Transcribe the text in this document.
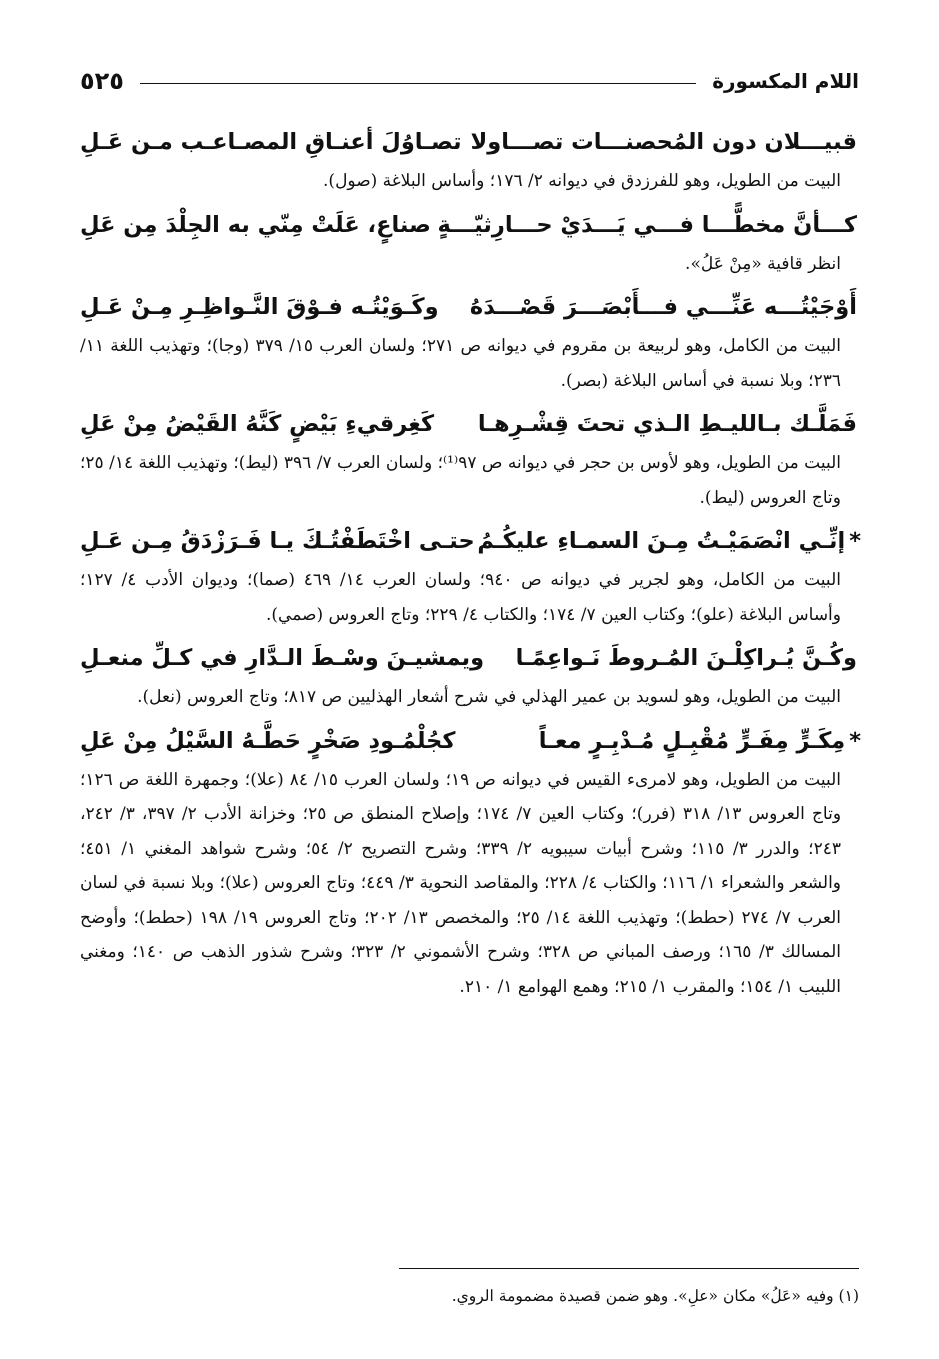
اللام المكسورة
٥٢٥
قبيـــلان دون المُحصنـــات تصـــاولا
تصـاوُلَ أعنـاقِ المصـاعـب مـن عَـلِ
البيت من الطويل، وهو للفرزدق في ديوانه ٢/ ١٧٦؛ وأساس البلاغة (صول).
كـــأنَّ مخطًّـــا فـــي يَـــدَيْ حـــارِثيّـــةٍ
صناعٍ، عَلَتْ مِنّي به الجِلْدَ مِن عَلِ
انظر قافية «مِنْ عَلُ».
أَوْجَيْتُـــه عَنِّـــي فـــأَبْصَـــرَ قَصْـــدَهُ
وكَـوَيْتُـه فـوْقَ النَّـواظِـرِ مِـنْ عَـلِ
البيت من الكامل، وهو لربيعة بن مقروم في ديوانه ص ٢٧١؛ ولسان العرب ١٥/ ٣٧٩ (وجا)؛ وتهذيب اللغة ١١/ ٢٣٦؛ وبلا نسبة في أساس البلاغة (بصر).
فَمَلَّـك بـالليـطِ الـذي تحتَ قِشْـرِهـا
كَغِرقيءِ بَيْضٍ كَنَّهُ القَيْضُ مِنْ عَلِ
البيت من الطويل، وهو لأوس بن حجر في ديوانه ص ٩٧⁽¹⁾؛ ولسان العرب ٧/ ٣٩٦ (ليط)؛ وتهذيب اللغة ١٤/ ٢٥؛ وتاج العروس (ليط).
*إنِّـي انْصَمَيْـتُ مِـنَ السمـاءِ عليكُـمُ
حتـى اخْتَطَفْتُـكَ يـا فَـرَزْدَقُ مِـن عَـلِ
البيت من الكامل، وهو لجرير في ديوانه ص ٩٤٠؛ ولسان العرب ١٤/ ٤٦٩ (صما)؛ وديوان الأدب ٤/ ١٢٧؛ وأساس البلاغة (علو)؛ وكتاب العين ٧/ ١٧٤؛ والكتاب ٤/ ٢٢٩؛ وتاج العروس (صمي).
وكُـنَّ يُـراكِلْـنَ المُـروطَ نَـواعِمًـا
ويمشيـنَ وسْـطَ الـدَّارِ في كـلِّ منعـلِ
البيت من الطويل، وهو لسويد بن عمير الهذلي في شرح أشعار الهذليين ص ٨١٧؛ وتاج العروس (نعل).
*مِكَـرٍّ مِفَـرٍّ مُقْبِـلٍ مُـدْبِـرٍ معـاً
كجُلْمُـودِ صَخْرٍ حَطَّـهُ السَّيْلُ مِنْ عَلِ
البيت من الطويل، وهو لامرىء القيس في ديوانه ص ١٩؛ ولسان العرب ١٥/ ٨٤ (علا)؛ وجمهرة اللغة ص ١٢٦؛ وتاج العروس ١٣/ ٣١٨ (فرر)؛ وكتاب العين ٧/ ١٧٤؛ وإصلاح المنطق ص ٢٥؛ وخزانة الأدب ٢/ ٣٩٧، ٣/ ٢٤٢، ٢٤٣؛ والدرر ٣/ ١١٥؛ وشرح أبيات سيبويه ٢/ ٣٣٩؛ وشرح التصريح ٢/ ٥٤؛ وشرح شواهد المغني ١/ ٤٥١؛ والشعر والشعراء ١/ ١١٦؛ والكتاب ٤/ ٢٢٨؛ والمقاصد النحوية ٣/ ٤٤٩؛ وتاج العروس (علا)؛ وبلا نسبة في لسان العرب ٧/ ٢٧٤ (حطط)؛ وتهذيب اللغة ١٤/ ٢٥؛ والمخصص ١٣/ ٢٠٢؛ وتاج العروس ١٩/ ١٩٨ (حطط)؛ وأوضح المسالك ٣/ ١٦٥؛ ورصف المباني ص ٣٢٨؛ وشرح الأشموني ٢/ ٣٢٣؛ وشرح شذور الذهب ص ١٤٠؛ ومغني اللبيب ١/ ١٥٤؛ والمقرب ١/ ٢١٥؛ وهمع الهوامع ١/ ٢١٠.
(١) وفيه «عَلُ» مكان «علِ». وهو ضمن قصيدة مضمومة الروي.
